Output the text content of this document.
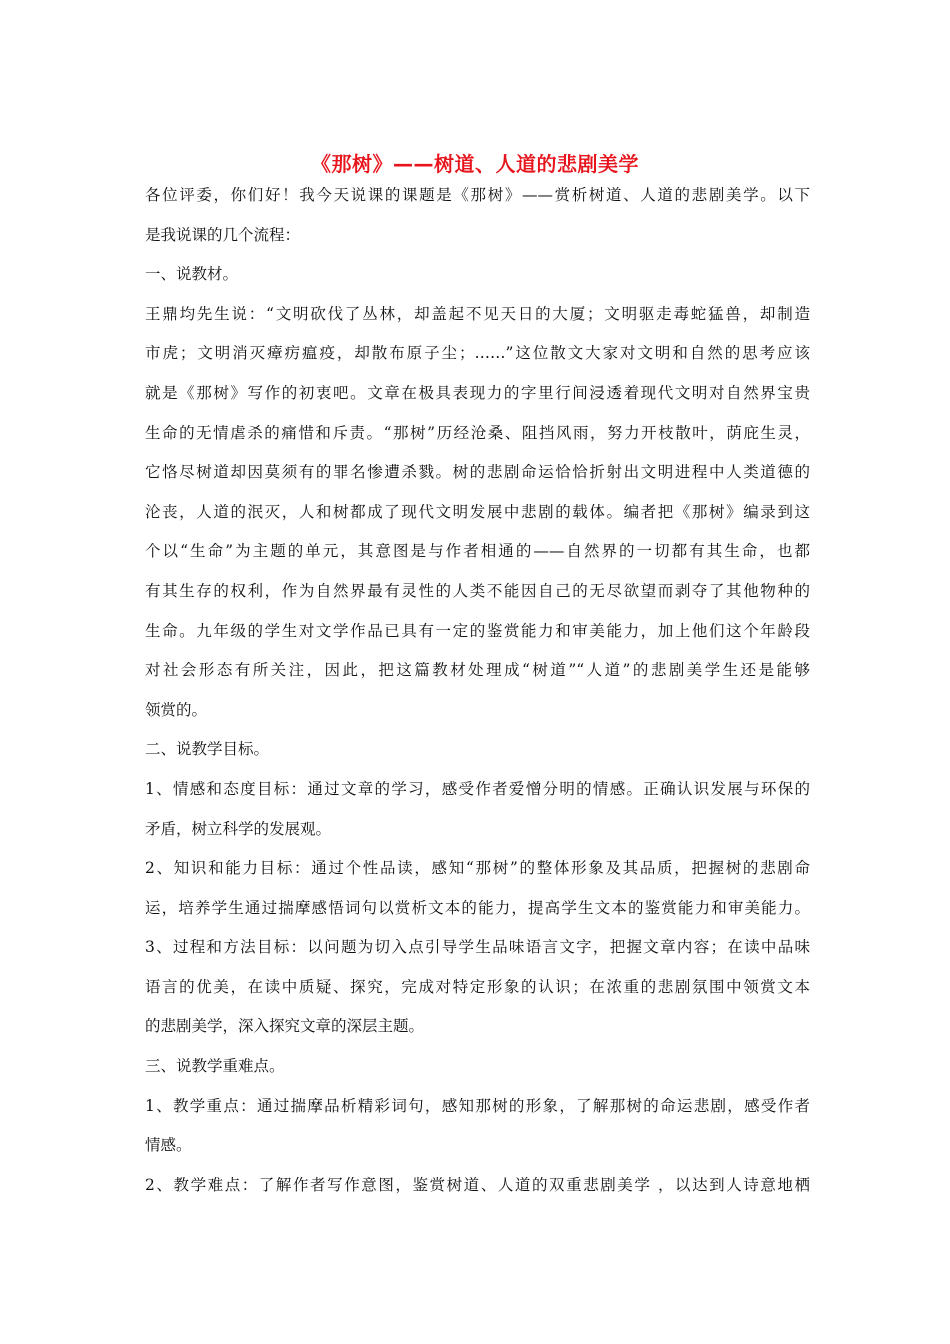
《那树》——树道、人道的悲剧美学
各位评委，你们好！我今天说课的课题是《那树》——赏析树道、人道的悲剧美学。以下
是我说课的几个流程：
一、说教材。
王鼎均先生说：“文明砍伐了丛林，却盖起不见天日的大厦；文明驱走毒蛇猛兽，却制造
市虎；文明消灭瘴疠瘟疫，却散布原子尘；……”这位散文大家对文明和自然的思考应该
就是《那树》写作的初衷吧。文章在极具表现力的字里行间浸透着现代文明对自然界宝贵
生命的无情虐杀的痛惜和斥责。“那树”历经沧桑、阻挡风雨，努力开枝散叶，荫庇生灵，
它恪尽树道却因莫须有的罪名惨遭杀戮。树的悲剧命运恰恰折射出文明进程中人类道德的
沦丧，人道的泯灭，人和树都成了现代文明发展中悲剧的载体。编者把《那树》编录到这
个以“生命”为主题的单元，其意图是与作者相通的——自然界的一切都有其生命，也都
有其生存的权利，作为自然界最有灵性的人类不能因自己的无尽欲望而剥夺了其他物种的
生命。九年级的学生对文学作品已具有一定的鉴赏能力和审美能力，加上他们这个年龄段
对社会形态有所关注，因此，把这篇教材处理成“树道”“人道”的悲剧美学生还是能够
领赏的。
二、说教学目标。
1、情感和态度目标：通过文章的学习，感受作者爱憎分明的情感。正确认识发展与环保的
矛盾，树立科学的发展观。
2、知识和能力目标：通过个性品读，感知“那树”的整体形象及其品质，把握树的悲剧命
运，培养学生通过揣摩感悟词句以赏析文本的能力，提高学生文本的鉴赏能力和审美能力。
3、过程和方法目标：以问题为切入点引导学生品味语言文字，把握文章内容；在读中品味
语言的优美，在读中质疑、探究，完成对特定形象的认识；在浓重的悲剧氛围中领赏文本
的悲剧美学，深入探究文章的深层主题。
三、说教学重难点。
1、教学重点：通过揣摩品析精彩词句，感知那树的形象，了解那树的命运悲剧，感受作者
情感。
2、教学难点：了解作者写作意图，鉴赏树道、人道的双重悲剧美学 ，以达到人诗意地栖
